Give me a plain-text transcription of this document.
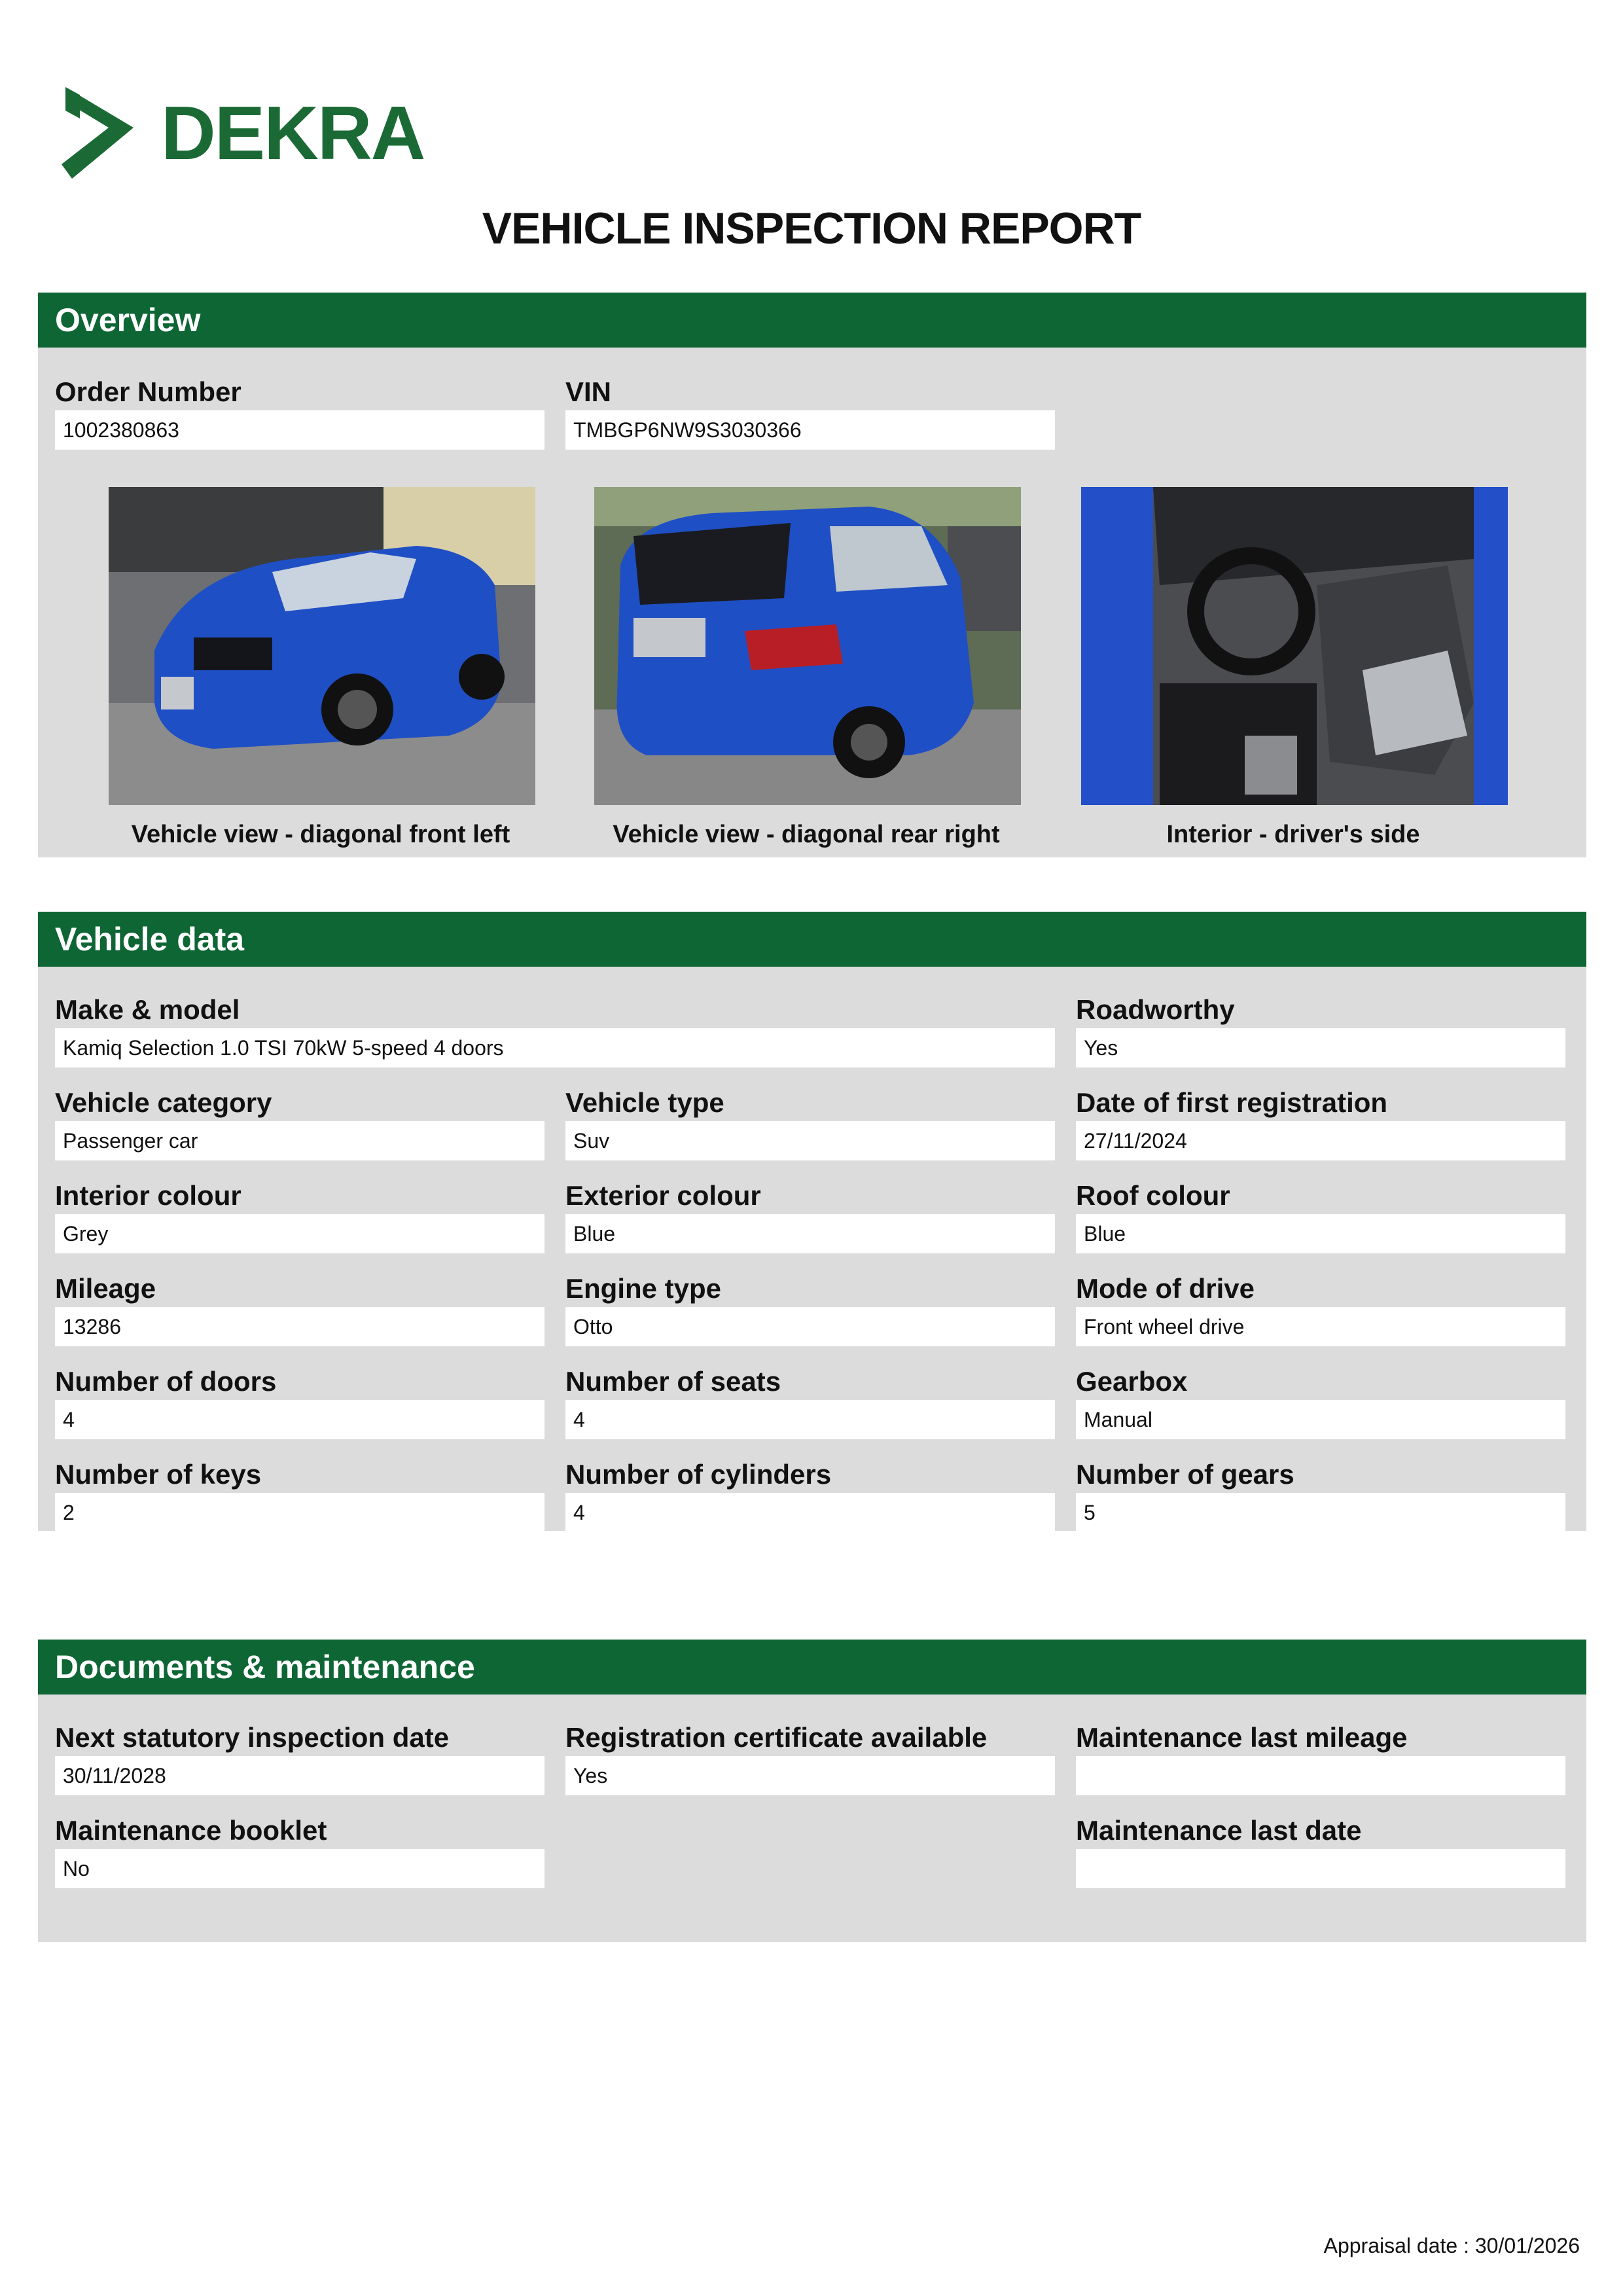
DEKRA
VEHICLE INSPECTION REPORT
Overview
Order Number
1002380863
VIN
TMBGP6NW9S3030366
Vehicle view - diagonal front left	Vehicle view - diagonal rear right	Interior - driver's side
Vehicle data
Make & model
Kamiq Selection 1.0 TSI 70kW 5-speed 4 doors
Roadworthy
Yes
Vehicle category
Passenger car
Vehicle type
Suv
Date of first registration
27/11/2024
Interior colour
Grey
Exterior colour
Blue
Roof colour
Blue
Mileage
13286
Engine type
Otto
Mode of drive
Front wheel drive
Number of doors
4
Number of seats
4
Gearbox
Manual
Number of keys
2
Number of cylinders
4
Number of gears
5
Documents & maintenance
Next statutory inspection date
30/11/2028
Registration certificate available
Yes
Maintenance last mileage
Maintenance booklet
No
Maintenance last date
Appraisal date : 30/01/2026
